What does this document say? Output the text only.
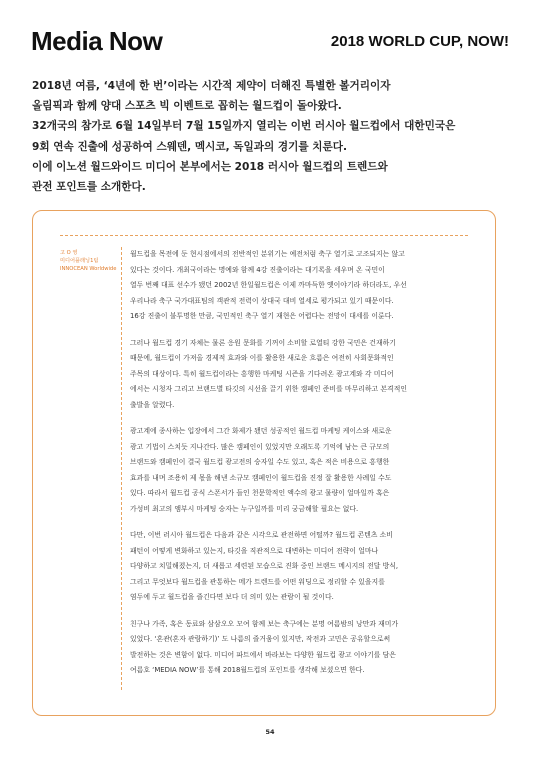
Media Now	2018 WORLD CUP, NOW!

2018년 여름, ‘4년에 한 번’이라는 시간적 제약이 더해진 특별한 볼거리이자

올림픽과 함께 양대 스포츠 빅 이벤트로 꼽히는 월드컵이 돌아왔다.

32개국의 참가로 6월 14일부터 7월 15일까지 열리는 이번 러시아 월드컵에서 대한민국은

9회 연속 진출에 성공하여 스웨덴, 멕시코, 독일과의 경기를 치룬다.

이에 이노션 월드와이드 미디어 본부에서는 2018 러시아 월드컵의 트렌드와

관전 포인트를 소개한다.

고 O 영
미디어플래닝1팀
INNOCEAN Worldwide

월드컵을 목전에 둔 현시점에서의 전반적인 분위기는 예전처럼 축구 열기로 고조되지는 않고
있다는 것이다. 개최국이라는 명예와 함께 4강 진출이라는 대기록을 세우며 온 국민이
열두 번째 대표 선수가 됐던 2002년 한일월드컵은 이제 까마득한 옛이야기라 하더라도, 우선
우리나라 축구 국가대표팀의 객관적 전력이 상대국 대비 열세로 평가되고 있기 때문이다.
16강 진출이 불투명한 만큼, 국민적인 축구 열기 재현은 어렵다는 전망이 대세를 이룬다.

그러나 월드컵 경기 자체는 물론 응원 문화를 기꺼이 소비할 로열티 강한 국민은 건재하기
때문에, 월드컵이 가져올 경제적 효과와 이를 활용한 새로운 흐름은 여전히 사회문화적인
주목의 대상이다. 특히 월드컵이라는 흥행한 마케팅 시즌을 기다려온 광고계와 각 미디어
에서는 시청자 그리고 브랜드별 타깃의 시선을 끌기 위한 캠페인 준비를 마무리하고 본격적인
출발을 알렸다.

광고계에 종사하는 입장에서 그간 화제가 됐던 성공적인 월드컵 마케팅 케이스와 새로운
광고 기법이 스치듯 지나간다. 많은 캠페인이 있었지만 오래도록 기억에 남는 큰 규모의
브랜드와 캠페인이 결국 월드컵 광고전의 승자일 수도 있고, 혹은 적은 비용으로 흥행한
효과를 내며 조용히 제 몫을 해낸 소규모 캠페인이 월드컵을 진정 잘 활용한 사례일 수도
있다. 따라서 월드컵 공식 스폰서가 들인 천문학적인 액수의 광고 물량이 얼마일까 혹은
가성비 최고의 앰부시 마케팅 승자는 누구일까를 미리 궁금해할 필요는 없다.

다만, 이번 러시아 월드컵은 다음과 같은 시각으로 관전하면 어떨까? 월드컵 콘텐츠 소비
패턴이 어떻게 변화하고 있는지, 타깃을 직관적으로 대변하는 미디어 전략이 얼마나
다양하고 치밀해졌는지, 더 새롭고 세련된 모습으로 진화 중인 브랜드 메시지의 전달 방식,
그리고 무엇보다 월드컵을 관통하는 메가 트렌드를 어떤 워딩으로 정리할 수 있을지를
염두에 두고 월드컵을 즐긴다면 보다 더 의미 있는 관람이 될 것이다.

친구나 가족, 혹은 동료와 삼삼오오 모여 함께 보는 축구에는 분명 여름밤의 낭만과 재미가
있었다. ‘혼관(혼자 관람하기)’ 도 나름의 즐거움이 있지만, 작전과 고민은 공유할으로써
발전하는 것은 변함이 없다. 미디어 파트에서 바라보는 다양한 월드컵 광고 이야기를 담은
여름호 ‘MEDIA NOW’를 통해 2018월드컵의 포인트를 생각해 보셨으면 한다.

54
